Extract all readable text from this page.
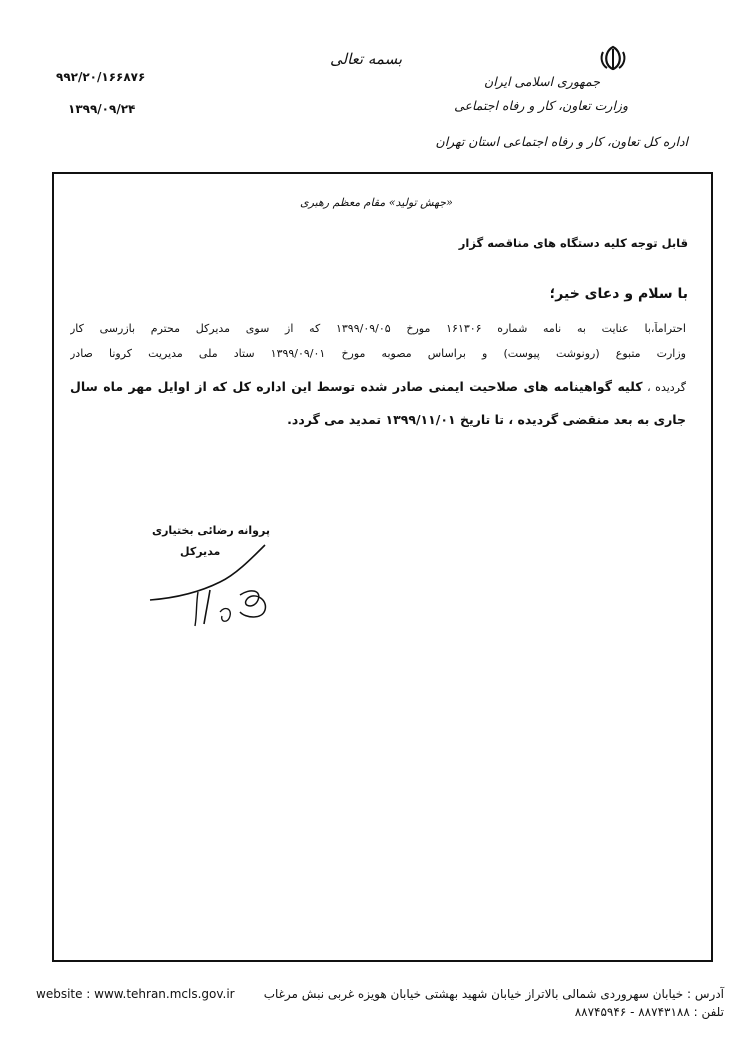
بسمه تعالی
جمهوری اسلامی ایران
وزارت تعاون، کار و رفاه اجتماعی
اداره کل تعاون، کار و رفاه اجتماعی استان تهران
۹۹۲/۲۰/۱۶۶۸۷۶
۱۳۹۹/۰۹/۲۴
«جهش تولید» مقام معظم رهبری
قابل توجه کلیه دستگاه های مناقصه گزار
با سلام و دعای خیر؛
احتراماً،با عنایت به نامه شماره ۱۶۱۳۰۶ مورخ ۱۳۹۹/۰۹/۰۵ که از سوی مدیرکل محترم بازرسی کار
وزارت متبوع (رونوشت پیوست) و براساس مصوبه مورخ ۱۳۹۹/۰۹/۰۱ ستاد ملی مدیریت کرونا صادر
گردیده ، کلیه گواهینامه های صلاحیت ایمنی صادر شده توسط این اداره کل که از اوایل مهر ماه سال
جاری به بعد منقضی گردیده ، تا تاریخ ۱۳۹۹/۱۱/۰۱ تمدید می گردد.
پروانه رضائی بختیاری
مدیرکل
آدرس : خیابان سهروردی شمالی بالاتراز خیابان شهید بهشتی خیابان هویزه غربی نبش مرغاب
تلفن : ۸۸۷۴۳۱۸۸ - ۸۸۷۴۵۹۴۶
website : www.tehran.mcls.gov.ir
